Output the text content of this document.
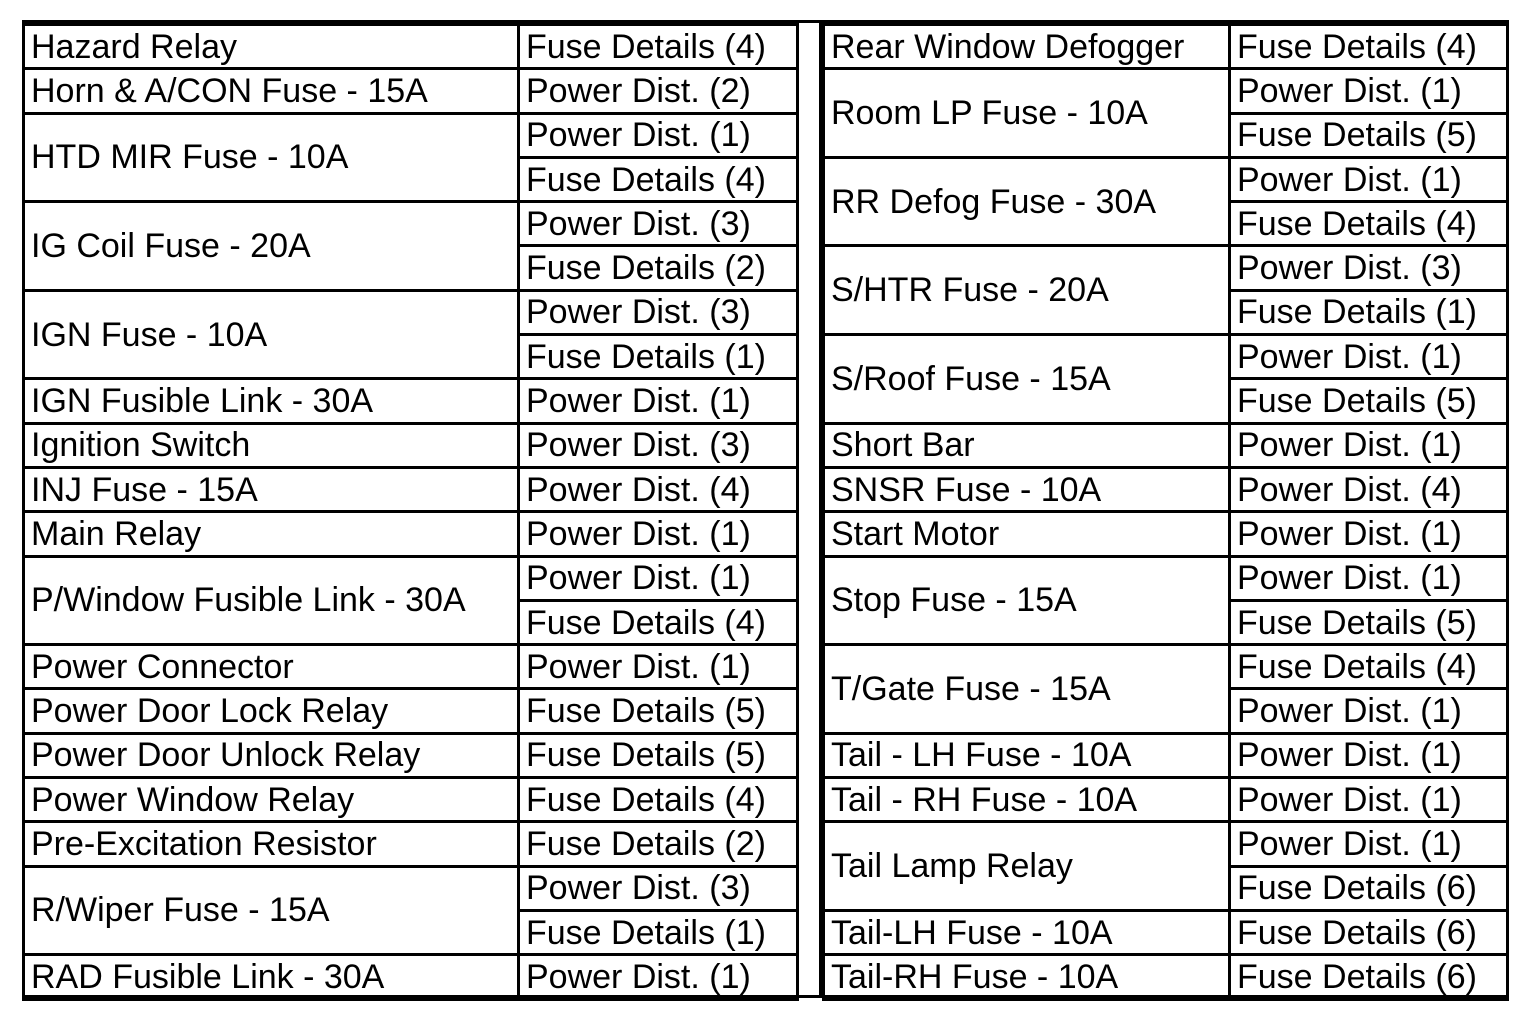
Hazard Relay	Fuse Details (4)
Horn & A/CON Fuse - 15A	Power Dist. (2)
HTD MIR Fuse - 10A	Power Dist. (1)
	Fuse Details (4)
IG Coil Fuse - 20A	Power Dist. (3)
	Fuse Details (2)
IGN Fuse - 10A	Power Dist. (3)
	Fuse Details (1)
IGN Fusible Link - 30A	Power Dist. (1)
Ignition Switch	Power Dist. (3)
INJ Fuse - 15A	Power Dist. (4)
Main Relay	Power Dist. (1)
P/Window Fusible Link - 30A	Power Dist. (1)
	Fuse Details (4)
Power Connector	Power Dist. (1)
Power Door Lock Relay	Fuse Details (5)
Power Door Unlock Relay	Fuse Details (5)
Power Window Relay	Fuse Details (4)
Pre-Excitation Resistor	Fuse Details (2)
R/Wiper Fuse - 15A	Power Dist. (3)
	Fuse Details (1)
RAD Fusible Link - 30A	Power Dist. (1)
Rear Window Defogger	Fuse Details (4)
Room LP Fuse - 10A	Power Dist. (1)
	Fuse Details (5)
RR Defog Fuse - 30A	Power Dist. (1)
	Fuse Details (4)
S/HTR Fuse - 20A	Power Dist. (3)
	Fuse Details (1)
S/Roof Fuse - 15A	Power Dist. (1)
	Fuse Details (5)
Short Bar	Power Dist. (1)
SNSR Fuse - 10A	Power Dist. (4)
Start Motor	Power Dist. (1)
Stop Fuse - 15A	Power Dist. (1)
	Fuse Details (5)
T/Gate Fuse - 15A	Fuse Details (4)
	Power Dist. (1)
Tail - LH Fuse - 10A	Power Dist. (1)
Tail - RH Fuse - 10A	Power Dist. (1)
Tail Lamp Relay	Power Dist. (1)
	Fuse Details (6)
Tail-LH Fuse - 10A	Fuse Details (6)
Tail-RH Fuse - 10A	Fuse Details (6)
